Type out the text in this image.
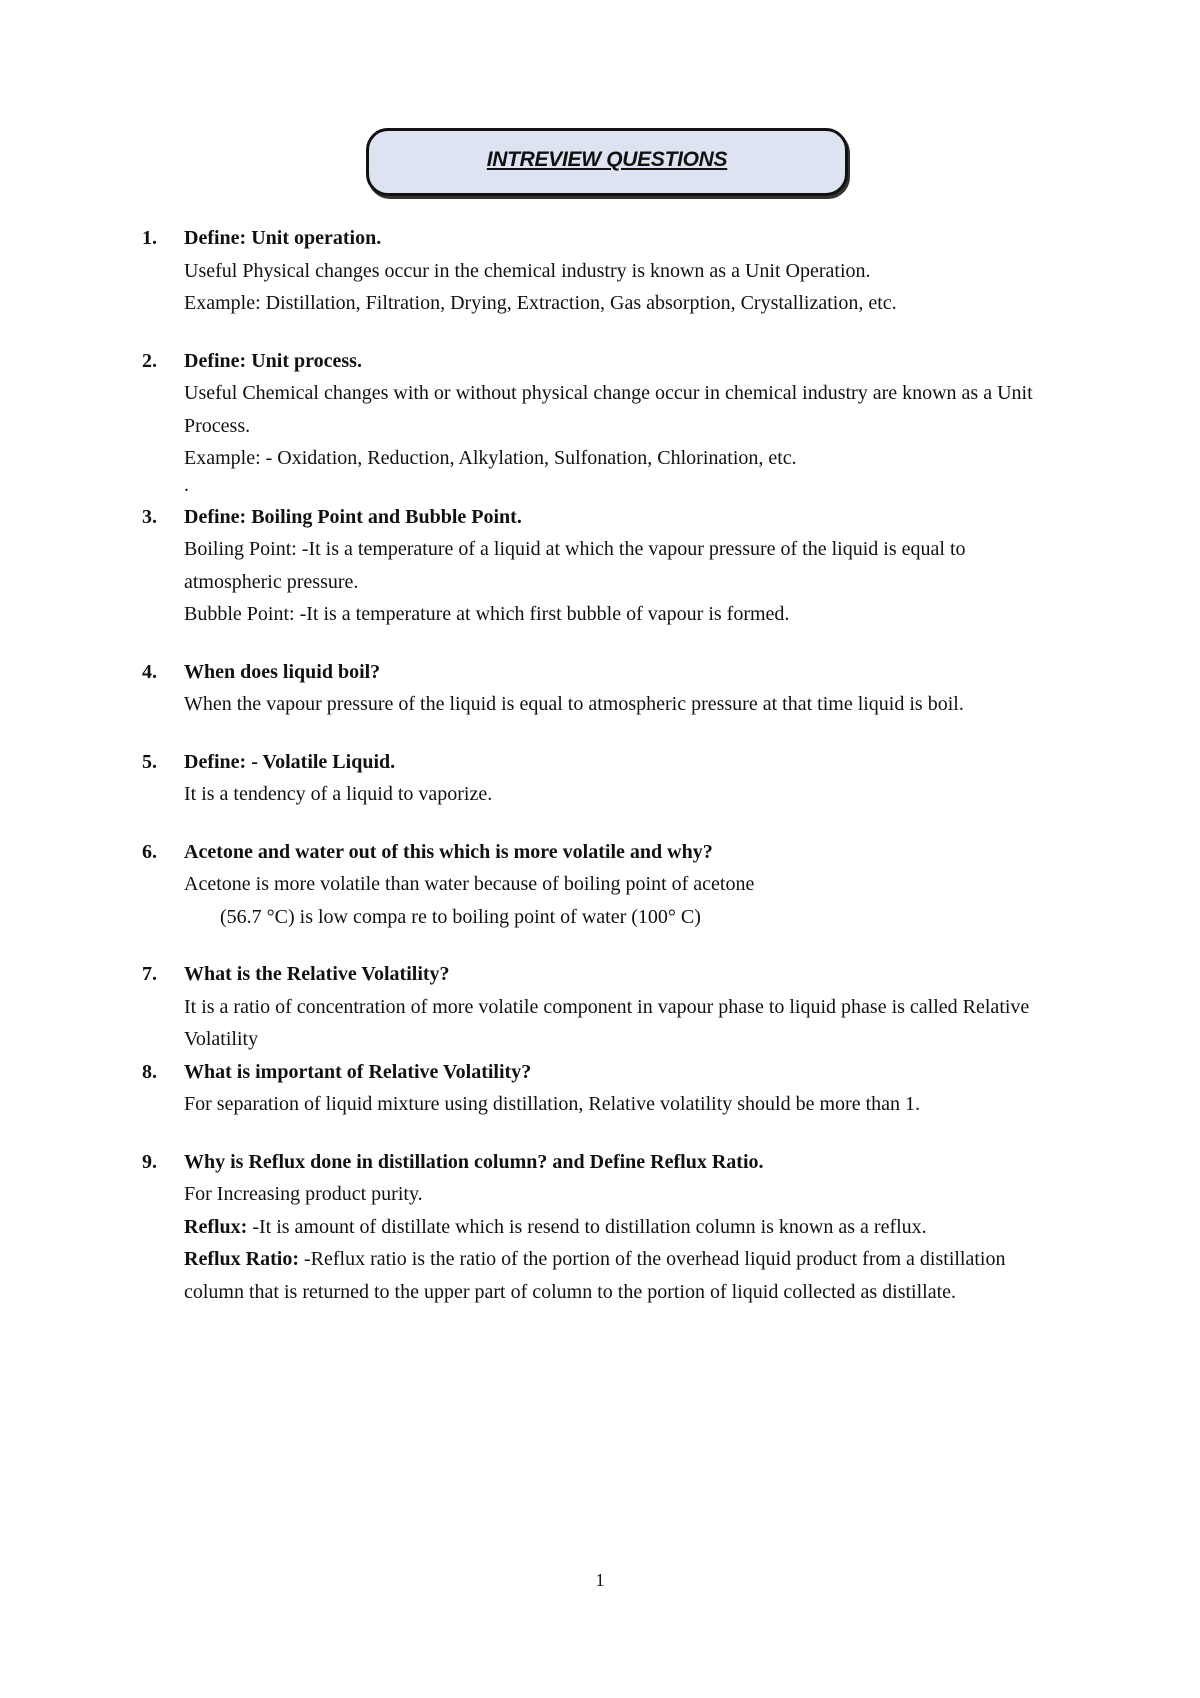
INTREVIEW QUESTIONS
1. Define: Unit operation.
Useful Physical changes occur in the chemical industry is known as a Unit Operation.
Example: Distillation, Filtration, Drying, Extraction, Gas absorption, Crystallization, etc.
2. Define: Unit process.
Useful Chemical changes with or without physical change occur in chemical industry are known as a Unit Process.
Example: - Oxidation, Reduction, Alkylation, Sulfonation, Chlorination, etc.
.
3. Define: Boiling Point and Bubble Point.
Boiling Point: -It is a temperature of a liquid at which the vapour pressure of the liquid is equal to atmospheric pressure.
Bubble Point: -It is a temperature at which first bubble of vapour is formed.
4. When does liquid boil?
When the vapour pressure of the liquid is equal to atmospheric pressure at that time liquid is boil.
5. Define: - Volatile Liquid.
It is a tendency of a liquid to vaporize.
6. Acetone and water out of this which is more volatile and why?
Acetone is more volatile than water because of boiling point of acetone
(56.7 °C) is low compa re to boiling point of water (100° C)
7. What is the Relative Volatility?
It is a ratio of concentration of more volatile component in vapour phase to liquid phase is called Relative Volatility
8. What is important of Relative Volatility?
For separation of liquid mixture using distillation, Relative volatility should be more than 1.
9. Why is Reflux done in distillation column? and Define Reflux Ratio.
For Increasing product purity.
Reflux: -It is amount of distillate which is resend to distillation column is known as a reflux.
Reflux Ratio: -Reflux ratio is the ratio of the portion of the overhead liquid product from a distillation column that is returned to the upper part of column to the portion of liquid collected as distillate.
1
